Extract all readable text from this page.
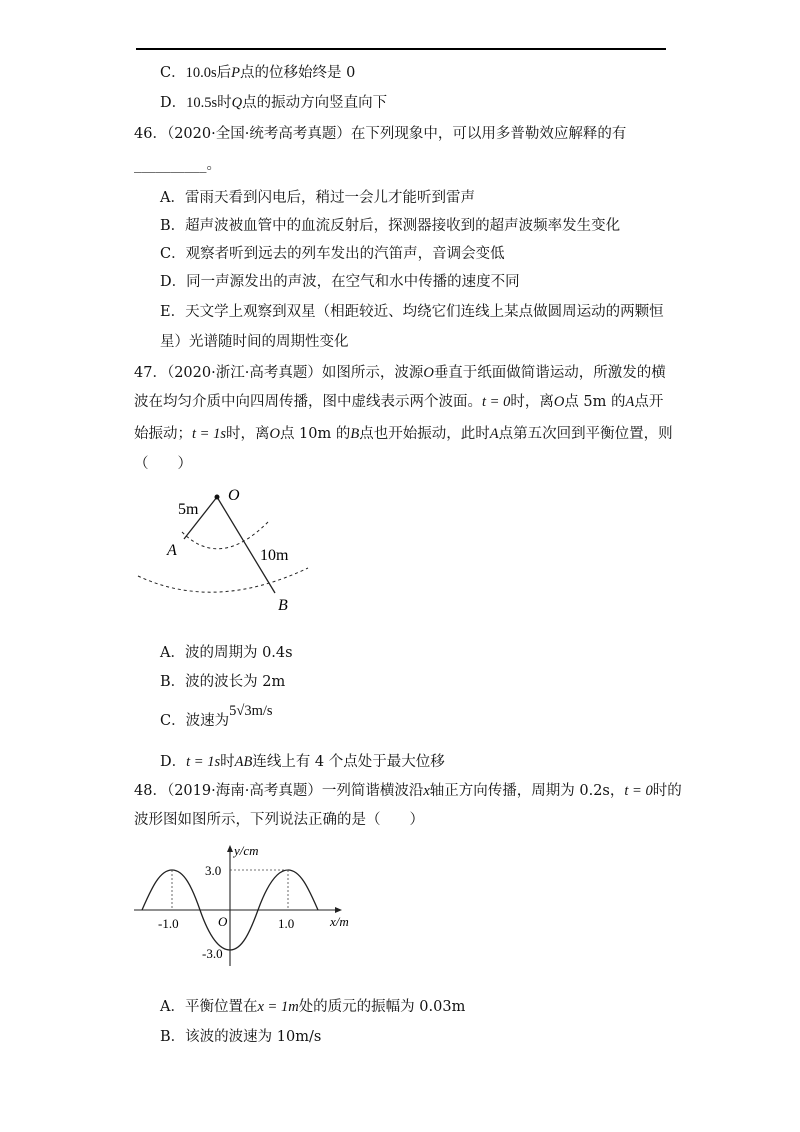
C．10.0s后P点的位移始终是 0
D．10.5s时Q点的振动方向竖直向下
46．（2020·全国·统考高考真题）在下列现象中，可以用多普勒效应解释的有
__________。
A．雷雨天看到闪电后，稍过一会儿才能听到雷声
B．超声波被血管中的血流反射后，探测器接收到的超声波频率发生变化
C．观察者听到远去的列车发出的汽笛声，音调会变低
D．同一声源发出的声波，在空气和水中传播的速度不同
E．天文学上观察到双星（相距较近、均绕它们连线上某点做圆周运动的两颗恒
星）光谱随时间的周期性变化
47．（2020·浙江·高考真题）如图所示，波源O垂直于纸面做简谐运动，所激发的横
波在均匀介质中向四周传播，图中虚线表示两个波面。t = 0时，离O点 5m 的A点开
始振动；t = 1s时，离O点 10m 的B点也开始振动，此时A点第五次回到平衡位置，则
（　　）
O
5m
A	10m
B
A．波的周期为 0.4s
B．波的波长为 2m
C．波速为5√3m/s
D．t = 1s时AB连线上有 4 个点处于最大位移
48．（2019·海南·高考真题）一列简谐横波沿x轴正方向传播，周期为 0.2s，t = 0时的
波形图如图所示，下列说法正确的是（　　）
y/cm
x/m
3.0
-3.0
-1.0	1.0
O
A．平衡位置在x = 1m处的质元的振幅为 0.03m
B．该波的波速为 10m/s
